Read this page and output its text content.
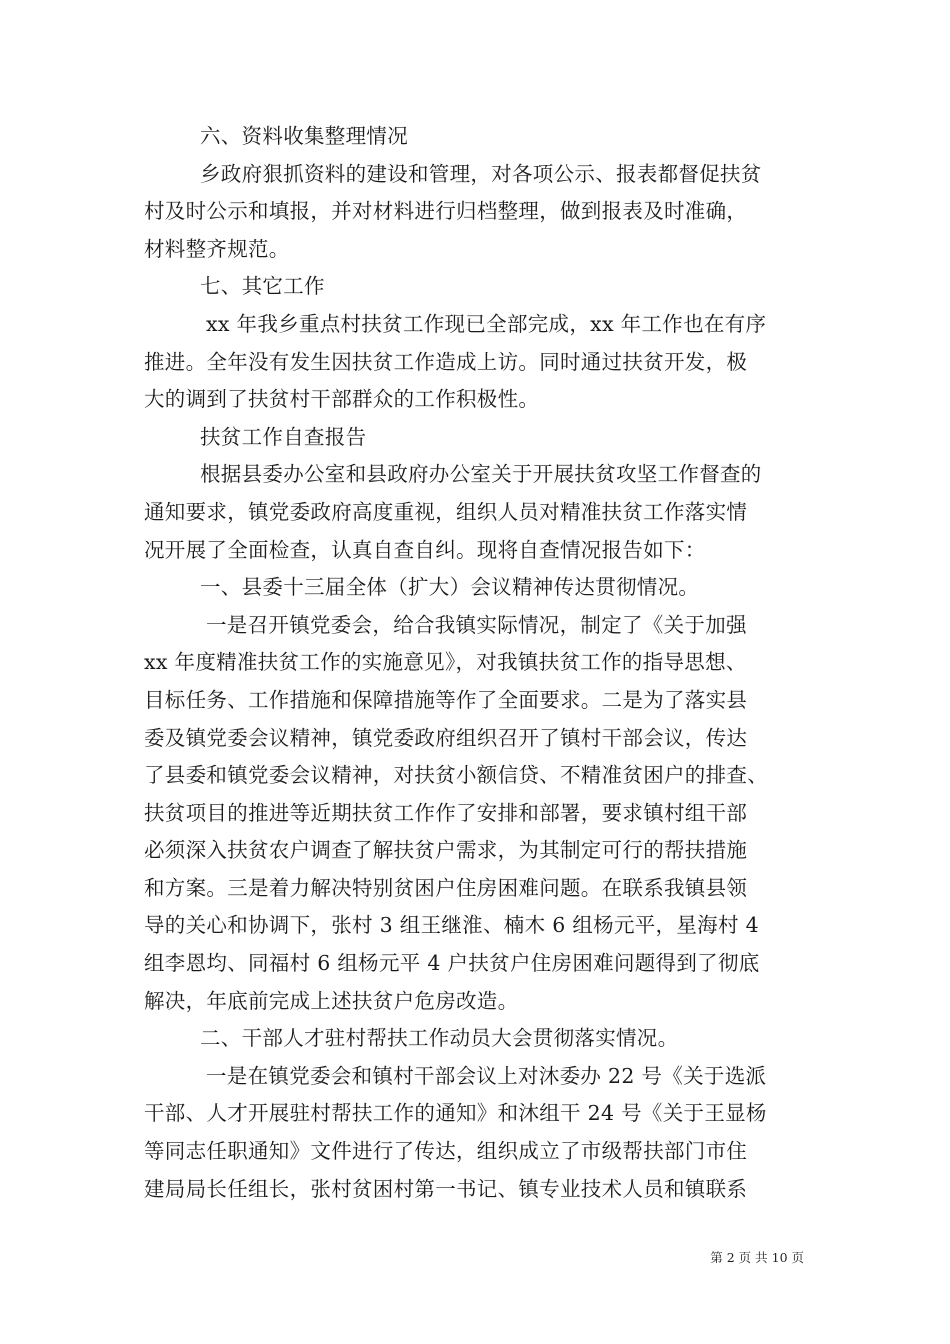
六、资料收集整理情况
乡政府狠抓资料的建设和管理，对各项公示、报表都督促扶贫
村及时公示和填报，并对材料进行归档整理，做到报表及时准确，
材料整齐规范。
七、其它工作
xx 年我乡重点村扶贫工作现已全部完成，xx 年工作也在有序
推进。全年没有发生因扶贫工作造成上访。同时通过扶贫开发，极
大的调到了扶贫村干部群众的工作积极性。
扶贫工作自查报告
根据县委办公室和县政府办公室关于开展扶贫攻坚工作督查的
通知要求，镇党委政府高度重视，组织人员对精准扶贫工作落实情
况开展了全面检查，认真自查自纠。现将自查情况报告如下：
一、县委十三届全体（扩大）会议精神传达贯彻情况。
一是召开镇党委会，给合我镇实际情况，制定了《关于加强
xx 年度精准扶贫工作的实施意见》，对我镇扶贫工作的指导思想、
目标任务、工作措施和保障措施等作了全面要求。二是为了落实县
委及镇党委会议精神，镇党委政府组织召开了镇村干部会议，传达
了县委和镇党委会议精神，对扶贫小额信贷、不精准贫困户的排查、
扶贫项目的推进等近期扶贫工作作了安排和部署，要求镇村组干部
必须深入扶贫农户调查了解扶贫户需求，为其制定可行的帮扶措施
和方案。三是着力解决特别贫困户住房困难问题。在联系我镇县领
导的关心和协调下，张村 3 组王继淮、楠木 6 组杨元平，星海村 4
组李恩均、同福村 6 组杨元平 4 户扶贫户住房困难问题得到了彻底
解决，年底前完成上述扶贫户危房改造。
二、干部人才驻村帮扶工作动员大会贯彻落实情况。
一是在镇党委会和镇村干部会议上对沐委办 22 号《关于选派
干部、人才开展驻村帮扶工作的通知》和沐组干 24 号《关于王显杨
等同志任职通知》文件进行了传达，组织成立了市级帮扶部门市住
建局局长任组长，张村贫困村第一书记、镇专业技术人员和镇联系
第 2 页 共 10 页
